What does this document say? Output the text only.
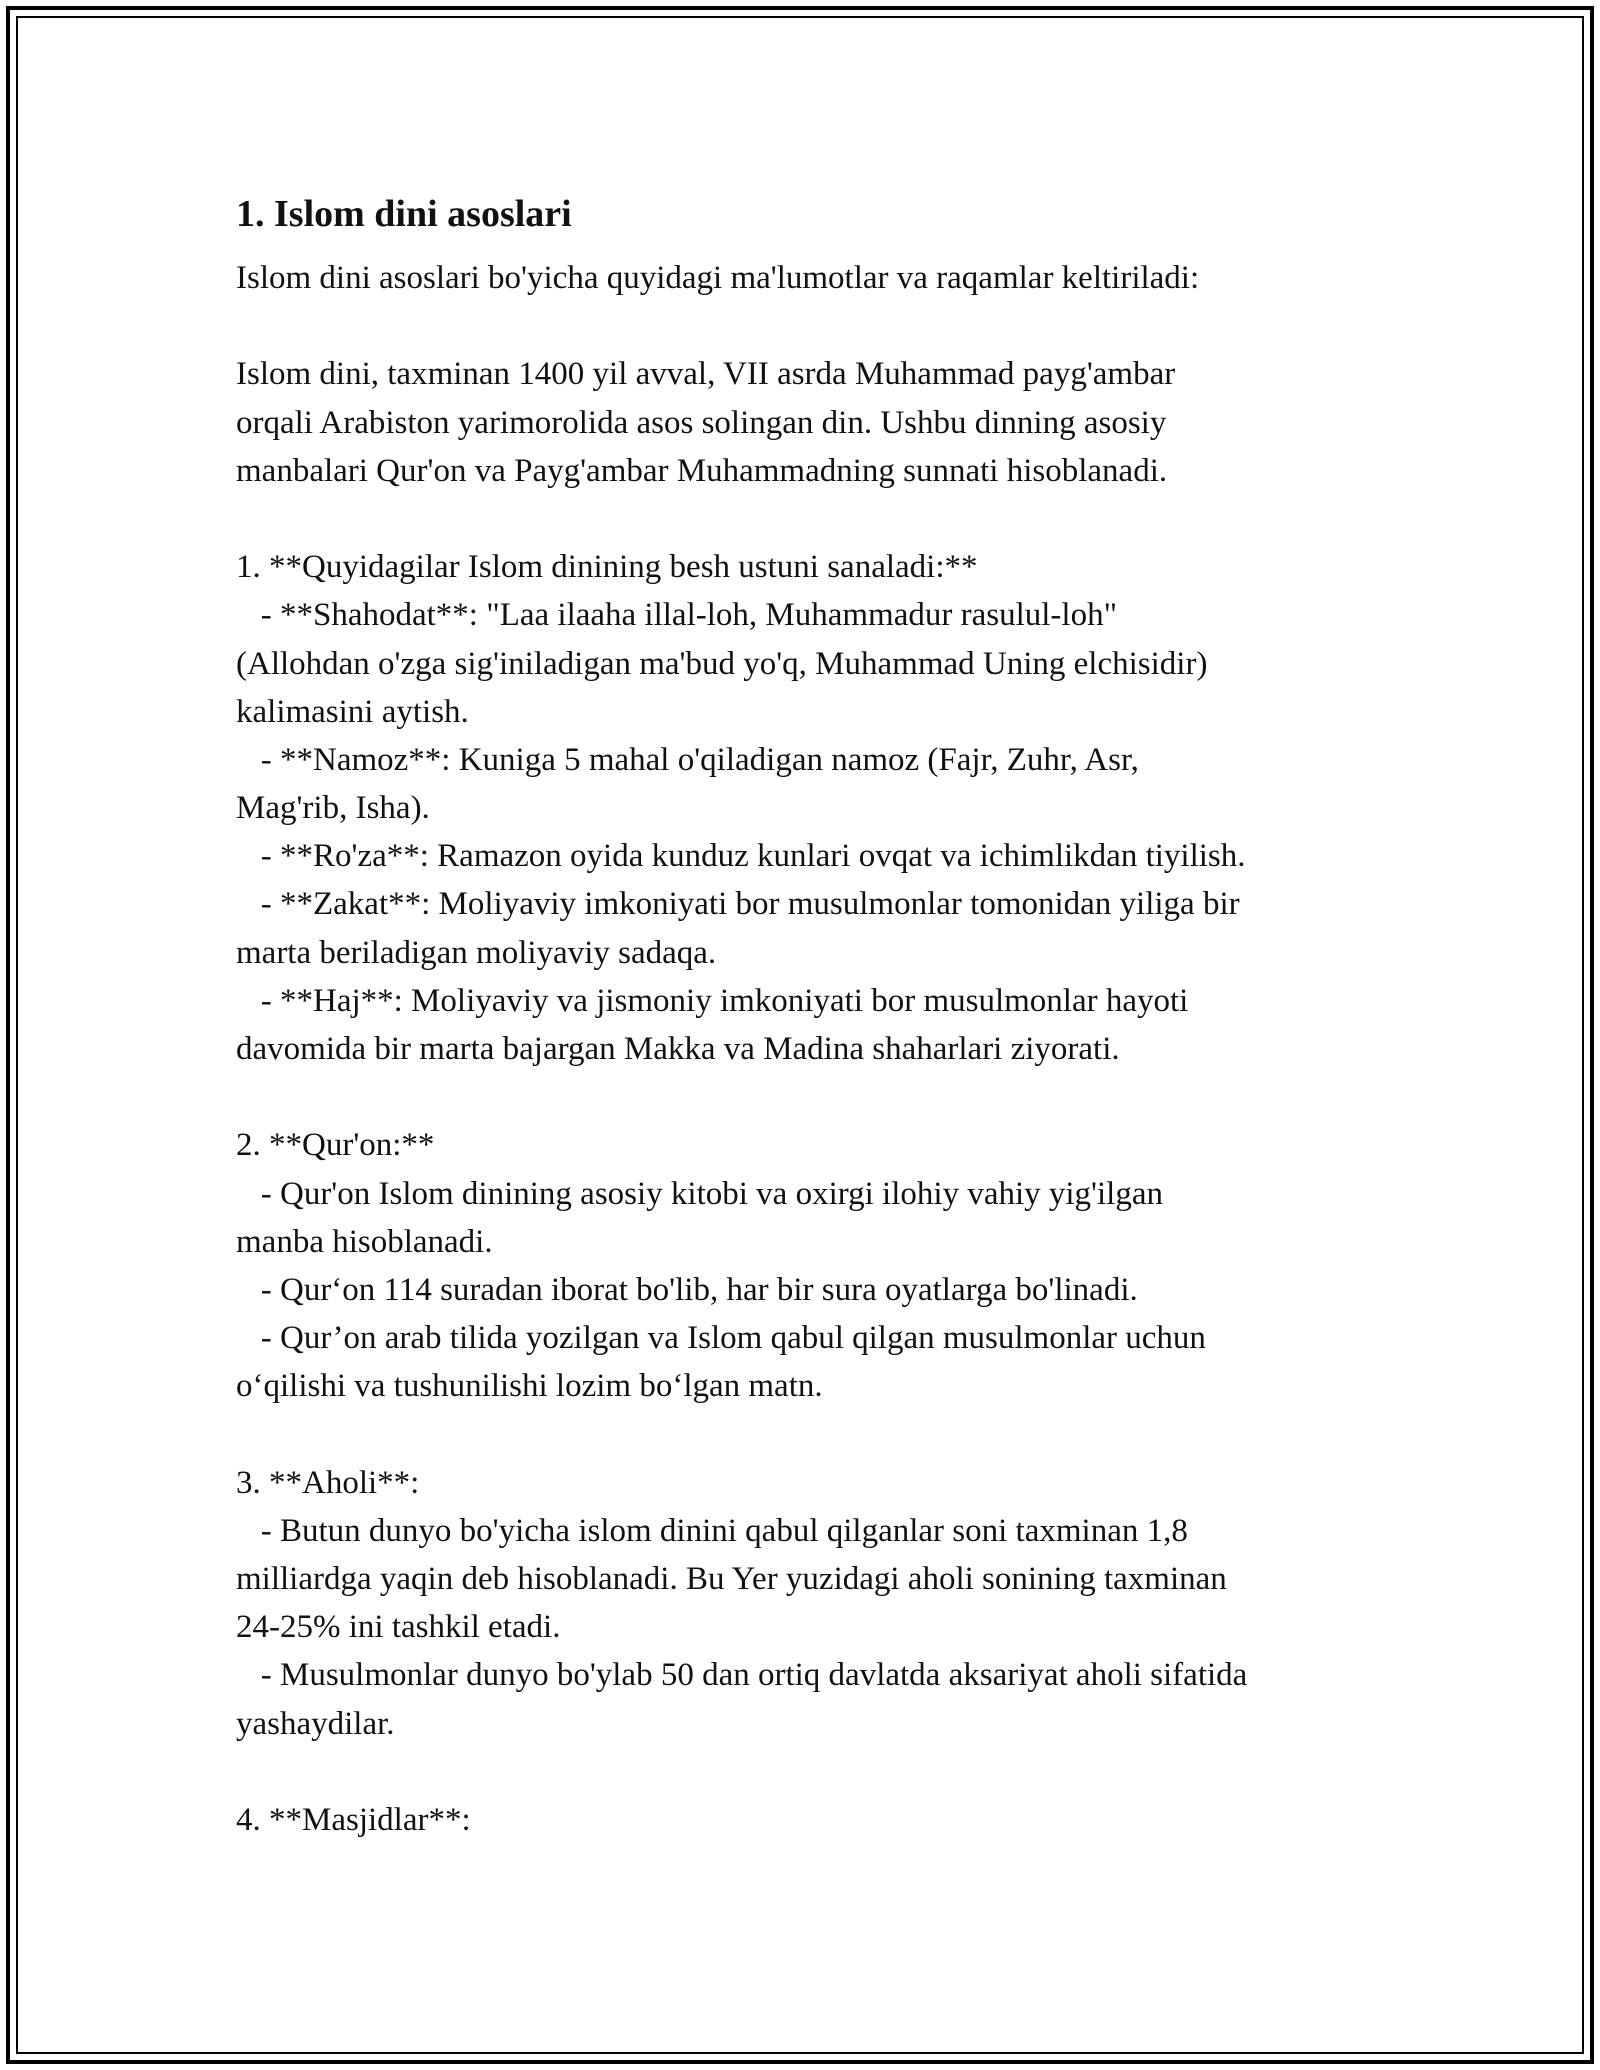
1. Islom dini asoslari

Islom dini asoslari bo'yicha quyidagi ma'lumotlar va raqamlar keltiriladi:

Islom dini, taxminan 1400 yil avval, VII asrda Muhammad payg'ambar

orqali Arabiston yarimorolida asos solingan din. Ushbu dinning asosiy

manbalari Qur'on va Payg'ambar Muhammadning sunnati hisoblanadi.

1. **Quyidagilar Islom dinining besh ustuni sanaladi:**

- **Shahodat**: "Laa ilaaha illal-loh, Muhammadur rasulul-loh"

(Allohdan o'zga sig'iniladigan ma'bud yo'q, Muhammad Uning elchisidir)

kalimasini aytish.

- **Namoz**: Kuniga 5 mahal o'qiladigan namoz (Fajr, Zuhr, Asr,

Mag'rib, Isha).

- **Ro'za**: Ramazon oyida kunduz kunlari ovqat va ichimlikdan tiyilish.

- **Zakat**: Moliyaviy imkoniyati bor musulmonlar tomonidan yiliga bir

marta beriladigan moliyaviy sadaqa.

- **Haj**: Moliyaviy va jismoniy imkoniyati bor musulmonlar hayoti

davomida bir marta bajargan Makka va Madina shaharlari ziyorati.

2. **Qur'on:**

- Qur'on Islom dinining asosiy kitobi va oxirgi ilohiy vahiy yig'ilgan

manba hisoblanadi.

- Qur‘on 114 suradan iborat bo'lib, har bir sura oyatlarga bo'linadi.

- Qur’on arab tilida yozilgan va Islom qabul qilgan musulmonlar uchun

o‘qilishi va tushunilishi lozim bo‘lgan matn.

3. **Aholi**:

- Butun dunyo bo'yicha islom dinini qabul qilganlar soni taxminan 1,8

milliardga yaqin deb hisoblanadi. Bu Yer yuzidagi aholi sonining taxminan

24-25% ini tashkil etadi.

- Musulmonlar dunyo bo'ylab 50 dan ortiq davlatda aksariyat aholi sifatida

yashaydilar.

4. **Masjidlar**:
